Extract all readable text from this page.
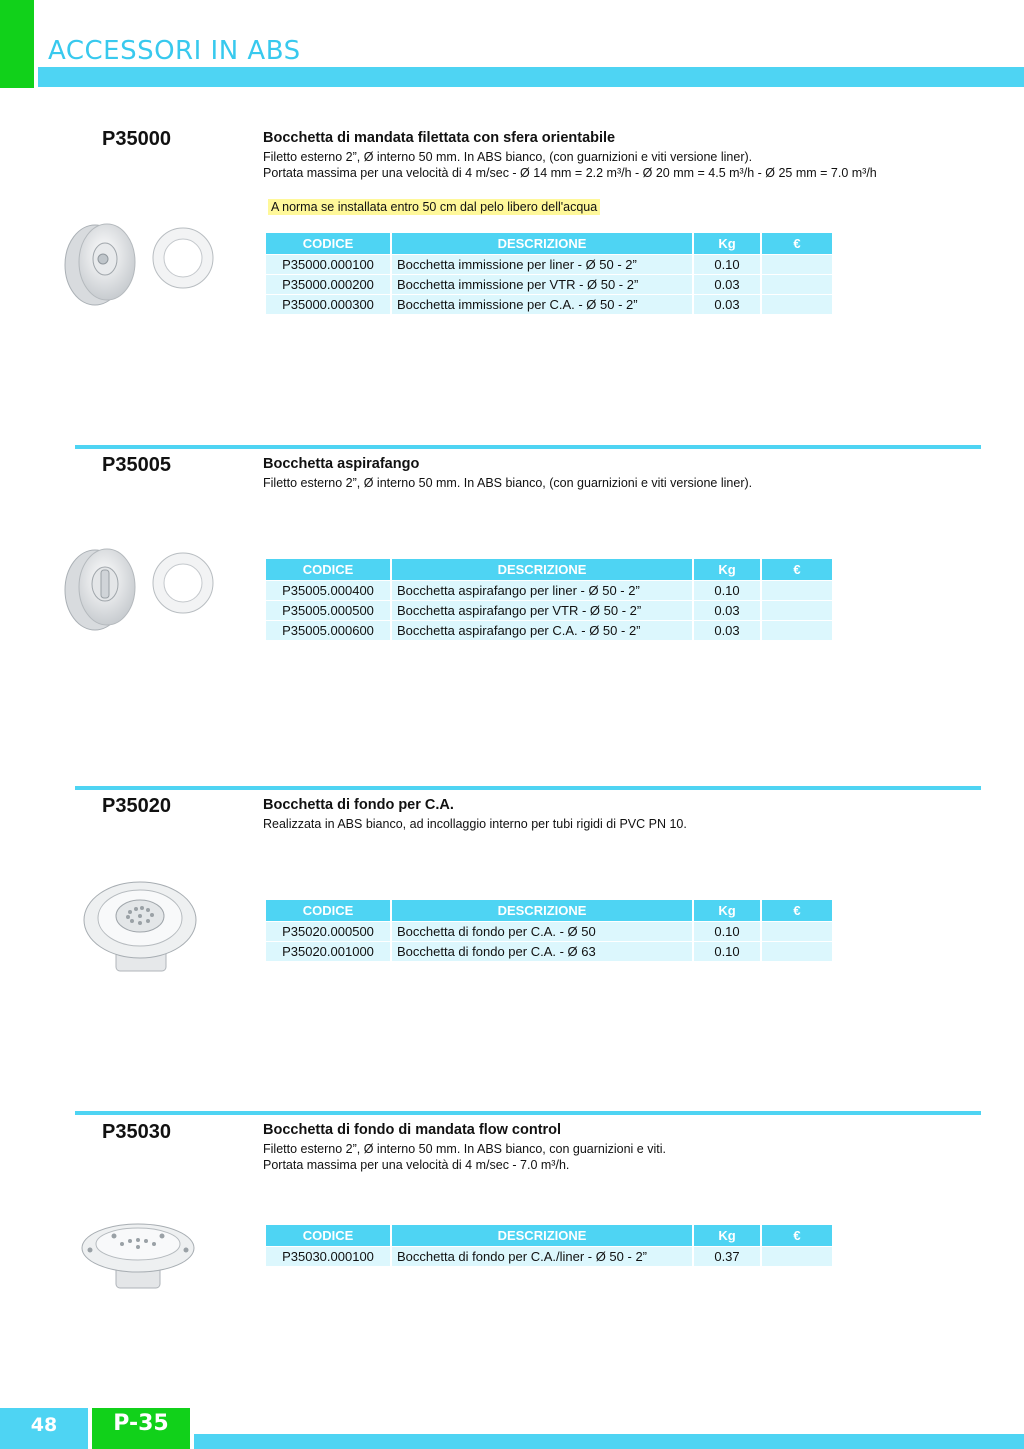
ACCESSORI IN ABS
P35000	Bocchetta di mandata filettata con sfera orientabile
Filetto esterno 2”, Ø interno 50 mm. In ABS bianco, (con guarnizioni e viti versione liner).
Portata massima per una velocità di 4 m/sec - Ø 14 mm = 2.2 m³/h - Ø 20 mm = 4.5 m³/h - Ø 25 mm = 7.0 m³/h
A norma se installata entro 50 cm dal pelo libero dell'acqua
CODICE	DESCRIZIONE	Kg	€
P35000.000100	Bocchetta immissione per liner - Ø 50 - 2”	0.10	
P35000.000200	Bocchetta immissione per VTR - Ø 50 - 2”	0.03	
P35000.000300	Bocchetta immissione per C.A. - Ø 50 - 2”	0.03	
P35005	Bocchetta aspirafango
Filetto esterno 2”, Ø interno 50 mm. In ABS bianco, (con guarnizioni e viti versione liner).
CODICE	DESCRIZIONE	Kg	€
P35005.000400	Bocchetta aspirafango per liner - Ø 50 - 2”	0.10	
P35005.000500	Bocchetta aspirafango per VTR - Ø 50 - 2”	0.03	
P35005.000600	Bocchetta aspirafango per C.A. - Ø 50 - 2”	0.03	
P35020	Bocchetta di fondo per C.A.
Realizzata in ABS bianco, ad incollaggio interno per tubi rigidi di PVC PN 10.
CODICE	DESCRIZIONE	Kg	€
P35020.000500	Bocchetta di fondo per C.A. - Ø 50	0.10	
P35020.001000	Bocchetta di fondo per C.A. - Ø 63	0.10	
P35030	Bocchetta di fondo di mandata flow control
Filetto esterno 2”, Ø interno 50 mm. In ABS bianco, con guarnizioni e viti.
Portata massima per una velocità di 4 m/sec - 7.0 m³/h.
CODICE	DESCRIZIONE	Kg	€
P35030.000100	Bocchetta di fondo per C.A./liner - Ø 50 - 2”	0.37	
48	P-35
